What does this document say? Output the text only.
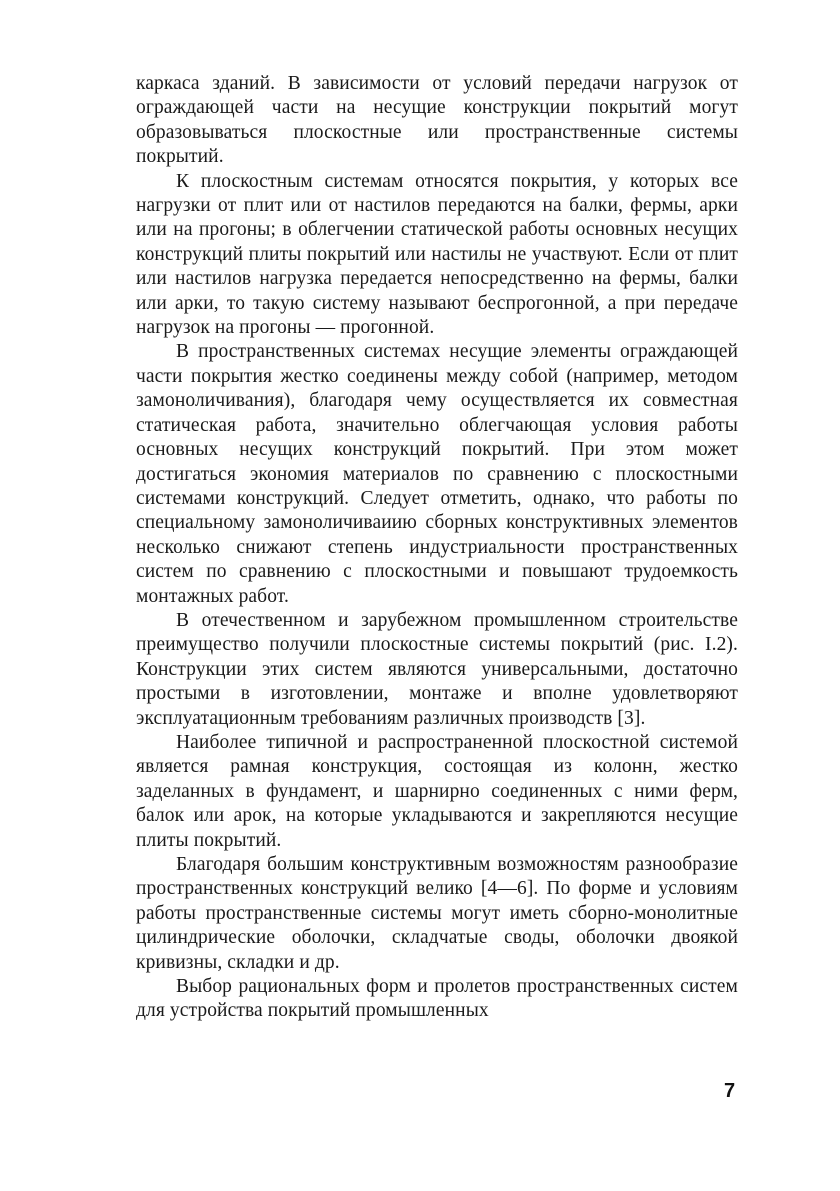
каркаса зданий. В зависимости от условий передачи нагрузок от ограждающей части на несущие конструкции покрытий могут образовываться плоскостные или пространственные системы покрытий.

К плоскостным системам относятся покрытия, у которых все нагрузки от плит или от настилов передаются на балки, фермы, арки или на прогоны; в облегчении статической работы основных несущих конструкций плиты покрытий или настилы не участвуют. Если от плит или настилов нагрузка передается непосредственно на фермы, балки или арки, то такую систему называют беспрогонной, а при передаче нагрузок на прогоны — прогонной.

В пространственных системах несущие элементы ограждающей части покрытия жестко соединены между собой (например, методом замоноличивания), благодаря чему осуществляется их совместная статическая работа, значительно облегчающая условия работы основных несущих конструкций покрытий. При этом может достигаться экономия материалов по сравнению с плоскостными системами конструкций. Следует отметить, однако, что работы по специальному замоноличиваиию сборных конструктивных элементов несколько снижают степень индустриальности пространственных систем по сравнению с плоскостными и повышают трудоемкость монтажных работ.

В отечественном и зарубежном промышленном строительстве преимущество получили плоскостные системы покрытий (рис. I.2). Конструкции этих систем являются универсальными, достаточно простыми в изготовлении, монтаже и вполне удовлетворяют эксплуатационным требованиям различных производств [3].

Наиболее типичной и распространенной плоскостной системой является рамная конструкция, состоящая из колонн, жестко заделанных в фундамент, и шарнирно соединенных с ними ферм, балок или арок, на которые укладываются и закрепляются несущие плиты покрытий.

Благодаря большим конструктивным возможностям разнообразие пространственных конструкций велико [4—6]. По форме и условиям работы пространственные системы могут иметь сборно-монолитные цилиндрические оболочки, складчатые своды, оболочки двоякой кривизны, складки и др.

Выбор рациональных форм и пролетов пространственных систем для устройства покрытий промышленных

7
